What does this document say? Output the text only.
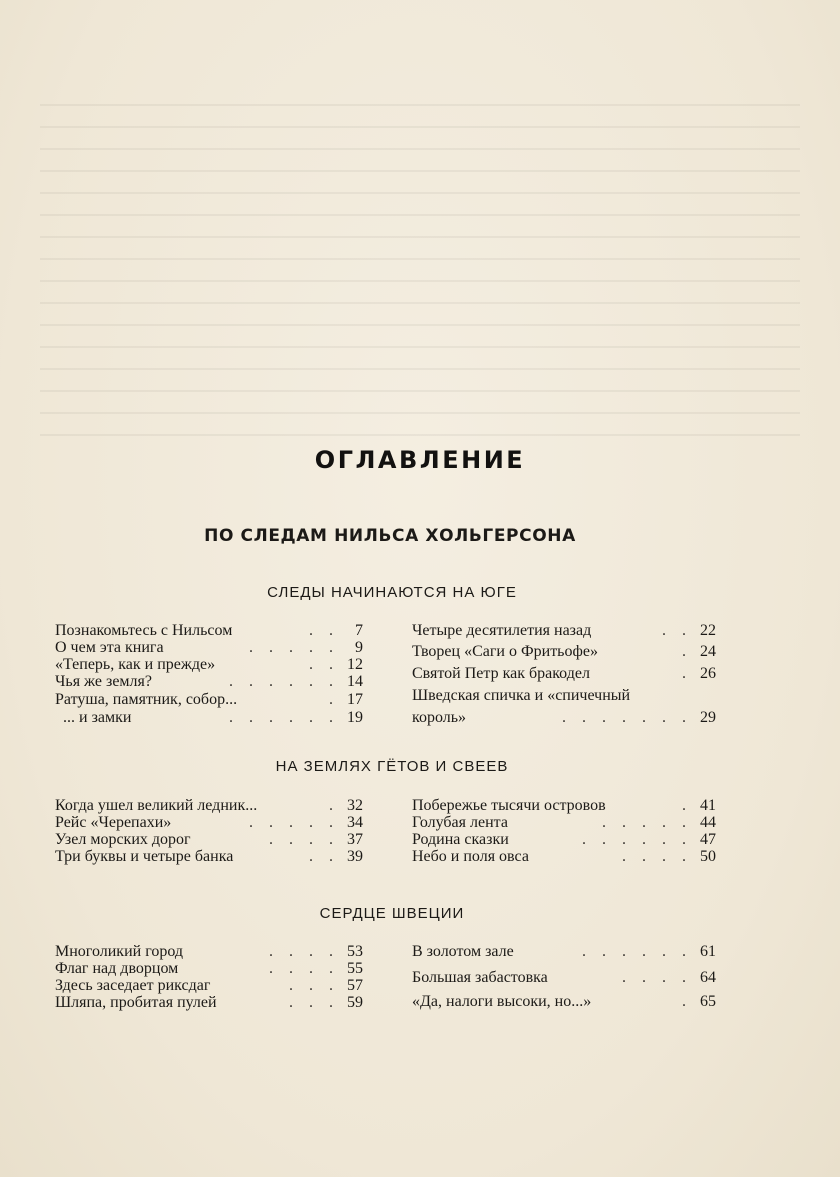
ОГЛАВЛЕНИЕ
ПО СЛЕДАМ НИЛЬСА ХОЛЬГЕРСОНА
СЛЕДЫ НАЧИНАЮТСЯ НА ЮГЕ
Познакомьтесь с Нильсом	. .	7
О чем эта книга	. . . . .	9
«Теперь, как и прежде»	. . 12
Чья же земля?	. . . . . . 14
Ратуша, памятник, собор...	. 17
... и замки	. . . . . . 19
Четыре десятилетия назад	. . 22
Творец «Саги о Фритьофе»	. 24
Святой Петр как бракодел	. 26
Шведская спичка и «спичечный
король»	. . . . . . . 29
НА ЗЕМЛЯХ ГЁТОВ И СВЕЕВ
Когда ушел великий ледник...	. 32
Рейс «Черепахи»	. . . . . 34
Узел морских дорог	. . . . 37
Три буквы и четыре банка	. . 39
Побережье тысячи островов	. 41
Голубая лента	. . . . . 44
Родина сказки	. . . . . . 47
Небо и поля овса	. . . . 50
СЕРДЦЕ ШВЕЦИИ
Многоликий город	. . . . 53
Флаг над дворцом	. . . . 55
Здесь заседает риксдаг	. . . 57
Шляпа, пробитая пулей	. . . 59
В золотом зале	. . . . . . 61
Большая забастовка	. . . . 64
«Да, налоги высоки, но...»	. 65
